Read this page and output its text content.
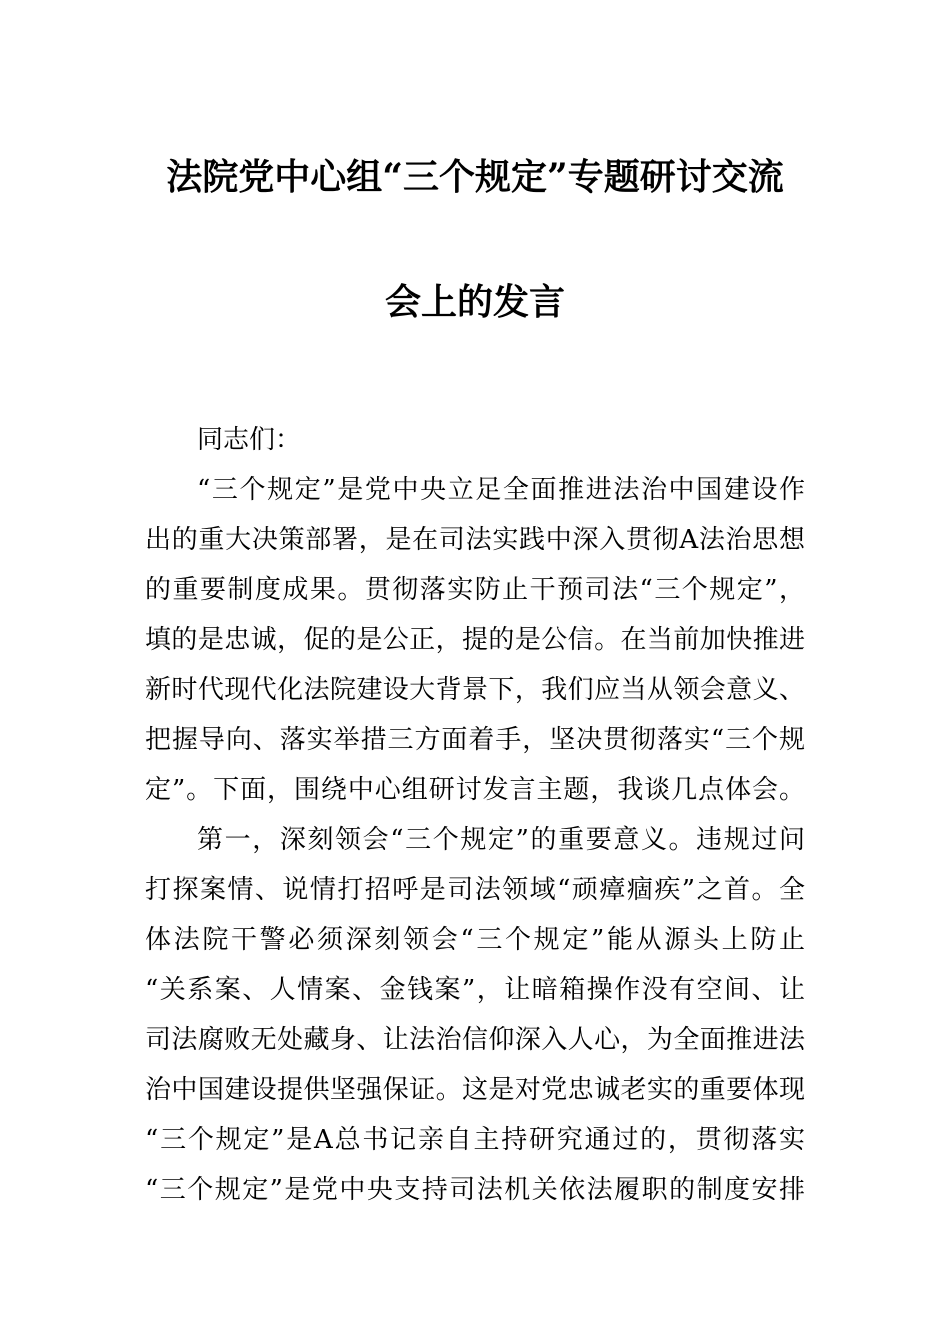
法院党中心组“三个规定”专题研讨交流
会上的发言
同志们：
“三个规定”是党中央立足全面推进法治中国建设作
出的重大决策部署，是在司法实践中深入贯彻A法治思想
的重要制度成果。贯彻落实防止干预司法“三个规定”，
填的是忠诚，促的是公正，提的是公信。在当前加快推进
新时代现代化法院建设大背景下，我们应当从领会意义、
把握导向、落实举措三方面着手，坚决贯彻落实“三个规
定”。下面，围绕中心组研讨发言主题，我谈几点体会。
第一，深刻领会“三个规定”的重要意义。违规过问
打探案情、说情打招呼是司法领域“顽瘴痼疾”之首。全
体法院干警必须深刻领会“三个规定”能从源头上防止
“关系案、人情案、金钱案”，让暗箱操作没有空间、让
司法腐败无处藏身、让法治信仰深入人心，为全面推进法
治中国建设提供坚强保证。这是对党忠诚老实的重要体现
“三个规定”是A总书记亲自主持研究通过的，贯彻落实
“三个规定”是党中央支持司法机关依法履职的制度安排
